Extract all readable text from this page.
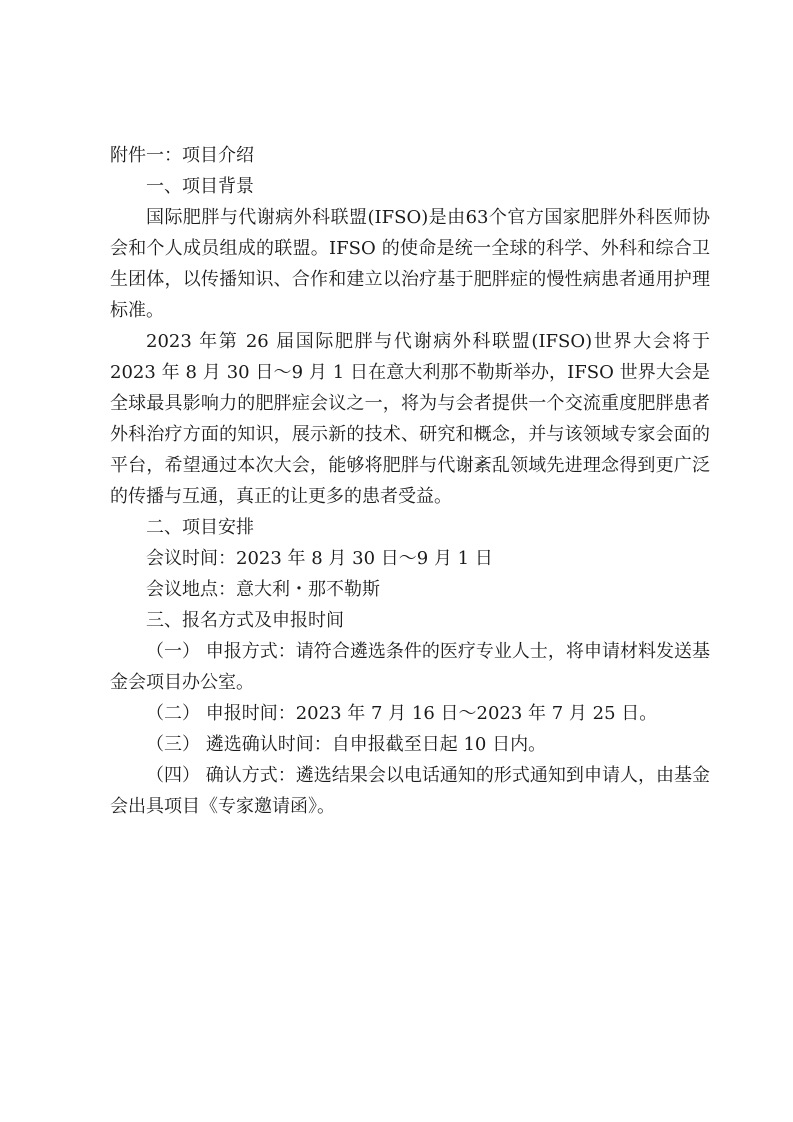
附件一：项目介绍

一、项目背景

国际肥胖与代谢病外科联盟(IFSO)是由63个官方国家肥胖外科医师协会和个人成员组成的联盟。IFSO 的使命是统一全球的科学、外科和综合卫生团体，以传播知识、合作和建立以治疗基于肥胖症的慢性病患者通用护理标准。

2023 年第 26 届国际肥胖与代谢病外科联盟(IFSO)世界大会将于 2023 年 8 月 30 日～9 月 1 日在意大利那不勒斯举办，IFSO 世界大会是全球最具影响力的肥胖症会议之一，将为与会者提供一个交流重度肥胖患者外科治疗方面的知识，展示新的技术、研究和概念，并与该领域专家会面的平台，希望通过本次大会，能够将肥胖与代谢紊乱领域先进理念得到更广泛的传播与互通，真正的让更多的患者受益。

二、项目安排

会议时间：2023 年 8 月 30 日～9 月 1 日

会议地点：意大利・那不勒斯

三、报名方式及申报时间

（一） 申报方式：请符合遴选条件的医疗专业人士，将申请材料发送基金会项目办公室。

（二） 申报时间：2023 年 7 月 16 日～2023 年 7 月 25 日。

（三） 遴选确认时间：自申报截至日起 10 日内。

（四） 确认方式：遴选结果会以电话通知的形式通知到申请人，由基金会出具项目《专家邀请函》。
